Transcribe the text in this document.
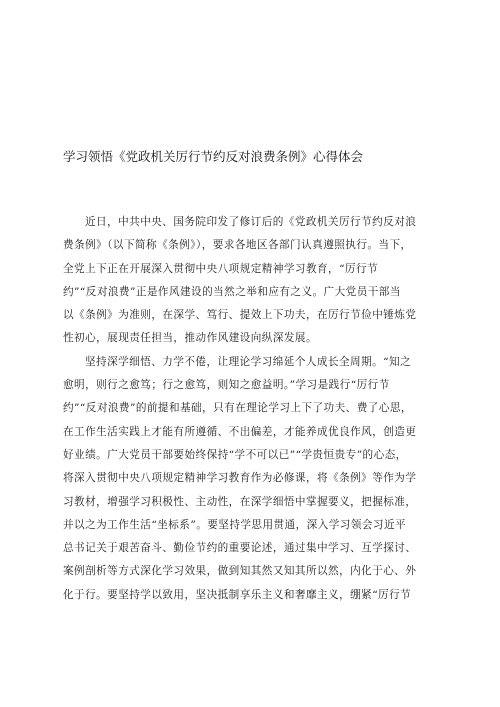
学习领悟《党政机关厉行节约反对浪费条例》心得体会
近日，中共中央、国务院印发了修订后的《党政机关厉行节约反对浪
费条例》（以下简称《条例》），要求各地区各部门认真遵照执行。当下，
全党上下正在开展深入贯彻中央八项规定精神学习教育，“厉行节
约”“反对浪费”正是作风建设的当然之举和应有之义。广大党员干部当
以《条例》为准则，在深学、笃行、提效上下功夫，在厉行节俭中锤炼党
性初心，展现责任担当，推动作风建设向纵深发展。
坚持深学细悟、力学不倦，让理论学习绵延个人成长全周期。“知之
愈明，则行之愈笃；行之愈笃，则知之愈益明。”学习是践行“厉行节
约”“反对浪费”的前提和基础，只有在理论学习上下了功夫、费了心思，
在工作生活实践上才能有所遵循、不出偏差，才能养成优良作风，创造更
好业绩。广大党员干部要始终保持“学不可以已”“学贵恒贵专”的心态，
将深入贯彻中央八项规定精神学习教育作为必修课，将《条例》等作为学
习教材，增强学习积极性、主动性，在深学细悟中掌握要义，把握标准，
并以之为工作生活“坐标系”。要坚持学思用贯通，深入学习领会习近平
总书记关于艰苦奋斗、勤俭节约的重要论述，通过集中学习、互学探讨、
案例剖析等方式深化学习效果，做到知其然又知其所以然，内化于心、外
化于行。要坚持学以致用，坚决抵制享乐主义和奢靡主义，绷紧“厉行节
